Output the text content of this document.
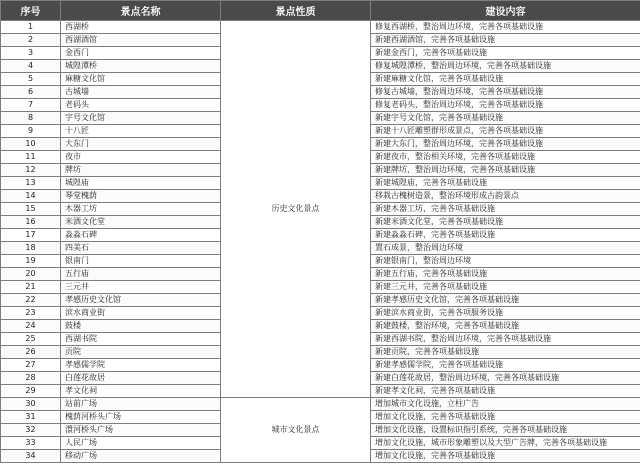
序号	景点名称	景点性质	建设内容
1	西湖桥	历史文化景点	修复西湖桥，整治周边环境，完善各项基础设施
2	西湖酒馆		新建西湖酒馆，完善各项基础设施
3	金西门		新建金西门，完善各项基础设施
4	城隍潭桥		修复城隍潭桥，整治周边环境，完善各项基础设施
5	麻糖文化馆		新建麻糖文化馆，完善各项基础设施
6	古城墙		修复古城墙，整治周边环境，完善各项基础设施
7	老码头		修复老码头，整治周边环境，完善各项基础设施
8	字号文化馆		新建字号文化馆，完善各项基础设施
9	十八匠		新建十八匠雕塑群形成景点，完善各项基础设施
10	大东门		新建大东门，整治周边环境，完善各项基础设施
11	夜市		新建夜市，整治相关环境，完善各项基础设施
12	牌坊		新建牌坊，整治周边环境，完善各项基础设施
13	城隍庙		新建城隍庙，完善各项基础设施
14	琴堂槐荫		移栽古槐树造景，整治环境形成古韵景点
15	木器工坊		新建木器工坊，完善各项基础设施
16	米酒文化堂		新建米酒文化堂，完善各项基础设施
17	淼淼石碑		新建淼淼石碑，完善各项基础设施
18	四美石		置石成景，整治周边环境
19	银南门		新建银南门，整治周边环境
20	五行庙		新建五行庙，完善各项基础设施
21	三元井		新建三元井，完善各项基础设施
22	孝感历史文化馆		新建孝感历史文化馆，完善各项基础设施
23	滨水商业街		新建滨水商业街，完善各项服务设施
24	鼓楼		新建鼓楼，整治环境，完善各项基础设施
25	西湖书院		新建西湖书院，整治周边环境，完善各项基础设施
26	贡院		新建贡院，完善各项基础设施
27	孝感儒学院		新建孝感儒学院，完善各项基础设施
28	白莲花故居		新建白莲花故居，整治周边环境，完善各项基础设施
29	孝文化祠		新建孝文化祠，完善各项基础设施
30	站前广场	城市文化景点	增加城市文化设施，立柱广告
31	槐荫河桥头广场		增加文化设施，完善各项基础设施
32	澴河桥头广场		增加文化设施，设置标识指引系统，完善各项基础设施
33	人民广场		增加文化设施，城市形象雕塑以及大型广告牌，完善各项基础设施
34	移动广场		增加文化设施，完善各项基础设施
